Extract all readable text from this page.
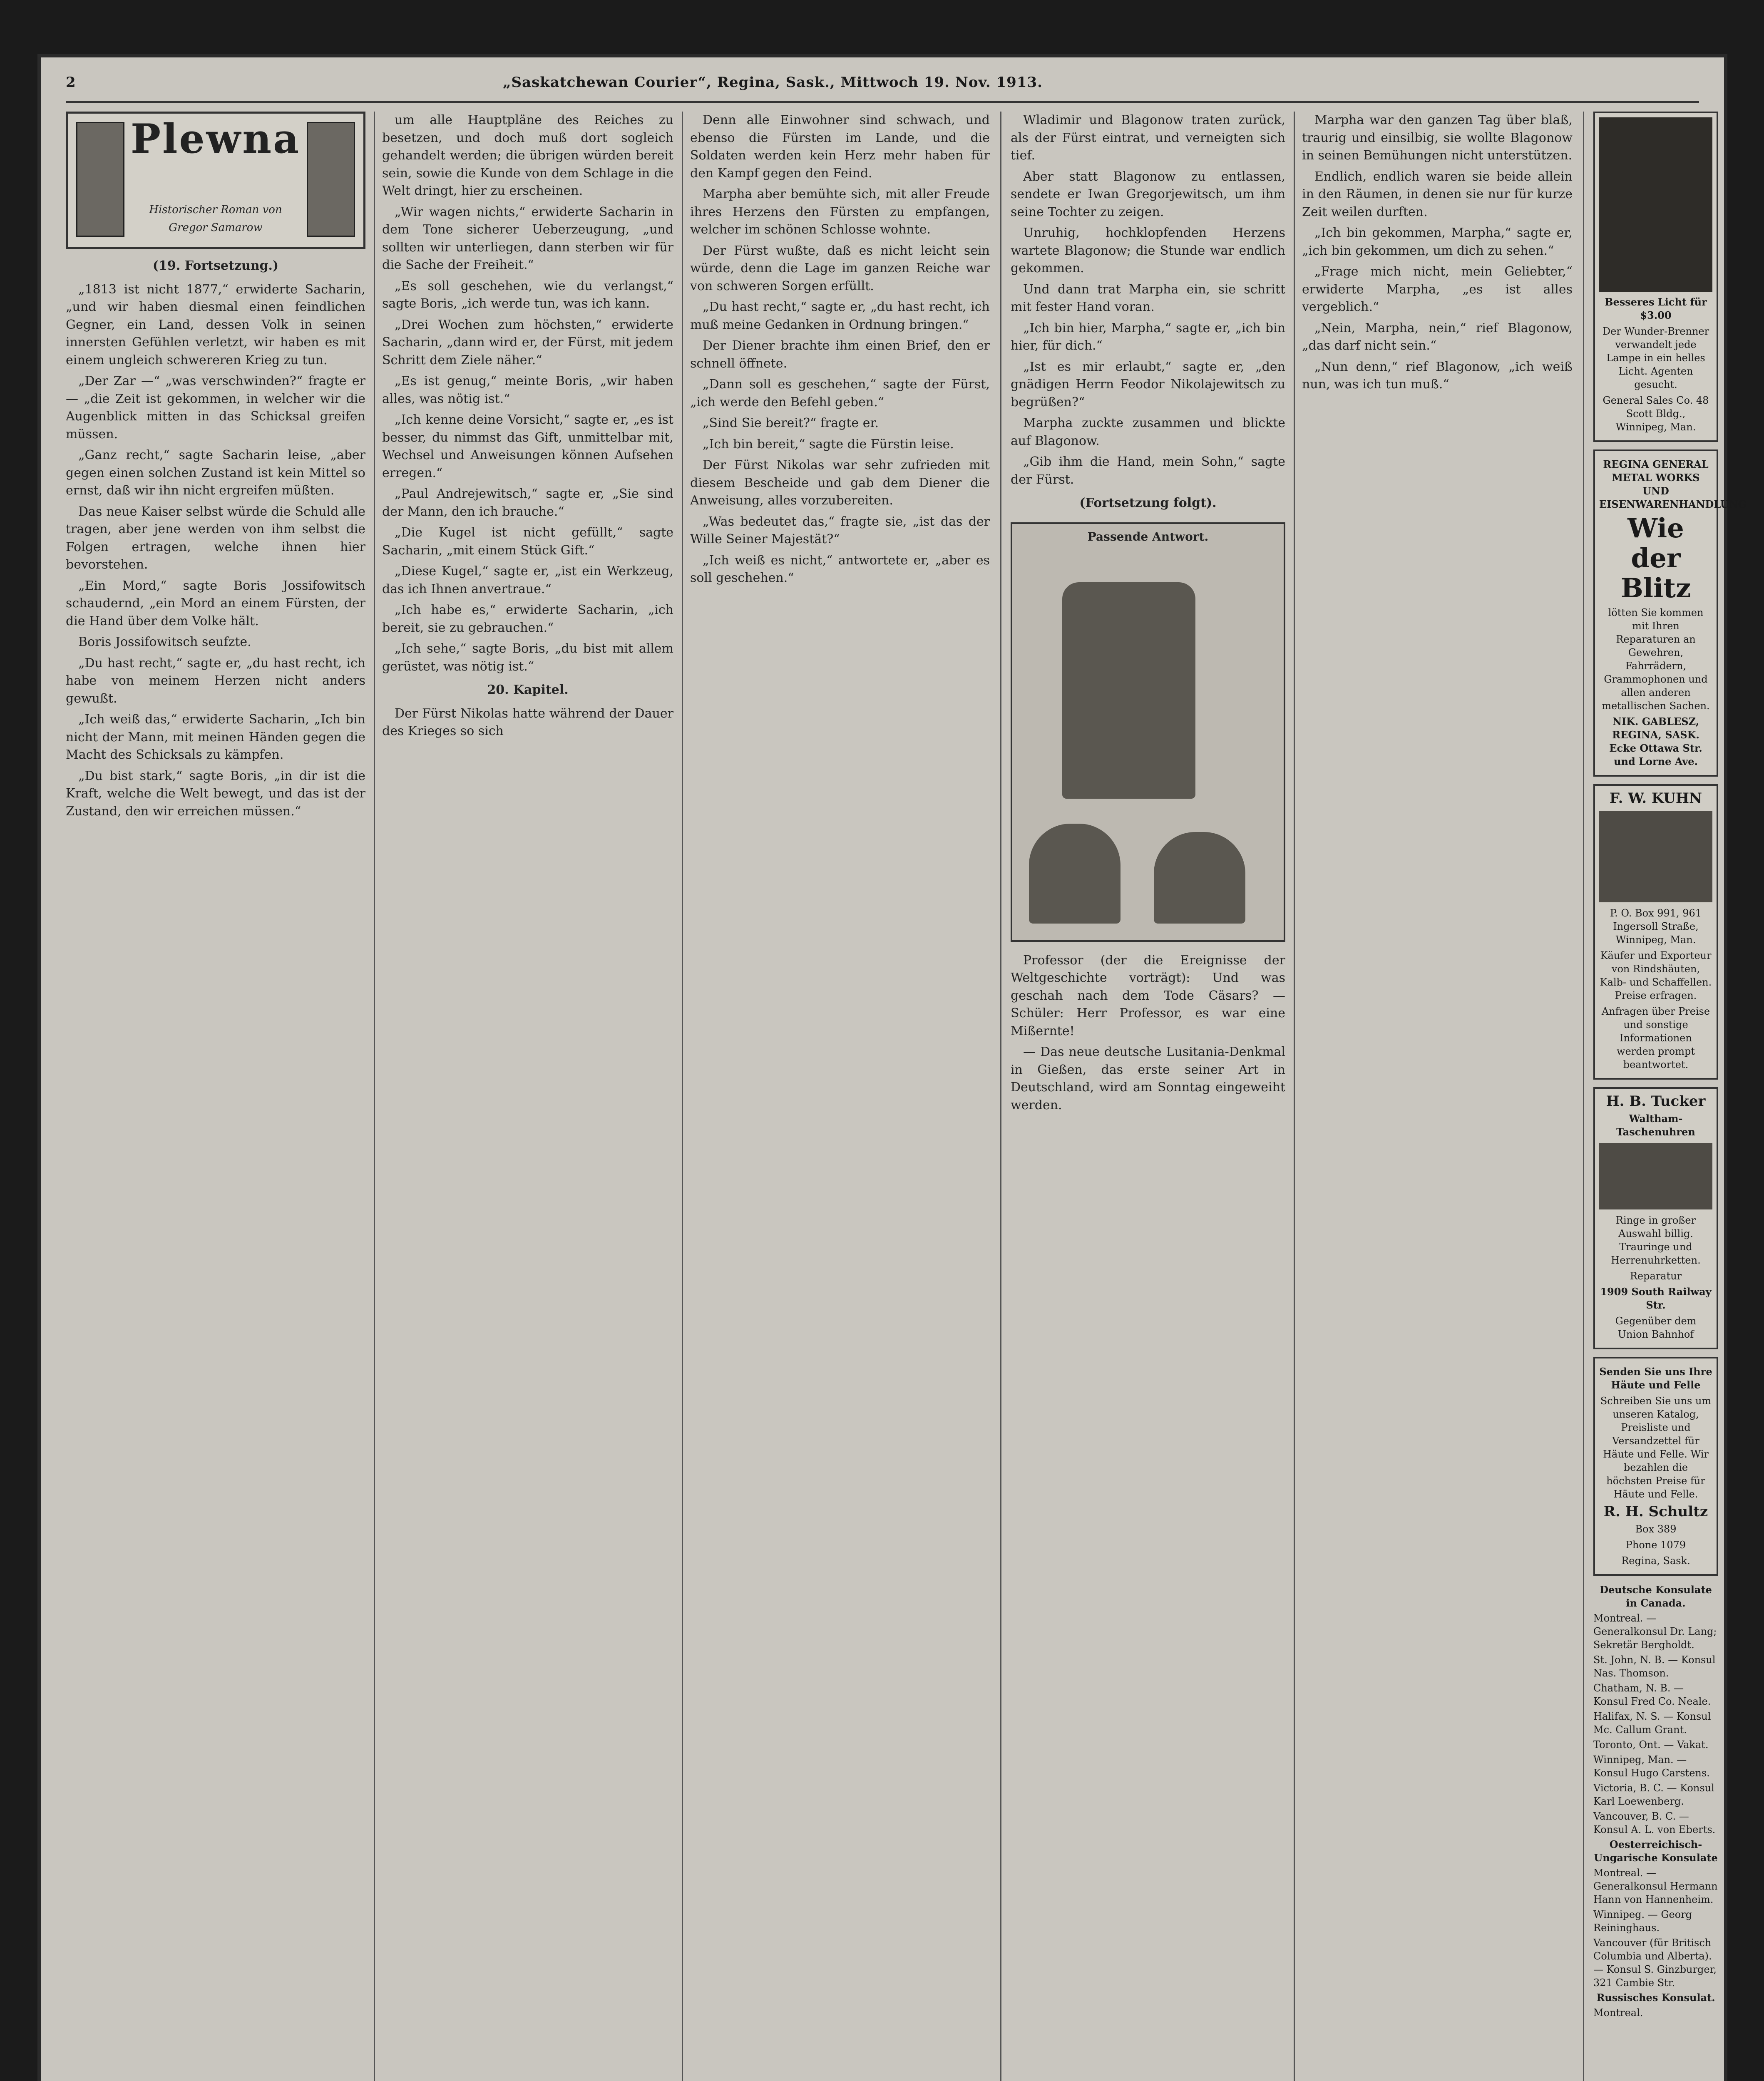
2	„Saskatchewan Courier“, Regina, Sask., Mittwoch 19. Nov. 1913.
Plewna
Historischer Roman von Gregor Samarow
(19. Fortsetzung.)

„1813 ist nicht 1877,“ erwiderte Sacharin, „und wir haben diesmal einen feindlichen Gegner, ein Land, dessen Volk in seinen innersten Gefühlen verletzt, wir haben es mit einem ungleich schwereren Krieg zu tun.

„Der Zar —“ „was verschwinden?“ fragte er — „die Zeit ist gekommen, in welcher wir die Augenblick mitten in das Schicksal greifen müssen.

„Ganz recht,“ sagte Sacharin leise, „aber gegen einen solchen Zustand ist kein Mittel so ernst, daß wir ihn nicht ergreifen müßten.

Das neue Kaiser selbst würde die Schuld alle tragen, aber jene werden von ihm selbst die Folgen ertragen, welche ihnen hier bevorstehen.

„Ein Mord,“ sagte Boris Jossifowitsch schaudernd, „ein Mord an einem Fürsten, der die Hand über dem Volke hält.

Boris Jossifowitsch seufzte.

„Du hast recht,“ sagte er, „du hast recht, ich habe von meinem Herzen nicht anders gewußt.

„Ich weiß das,“ erwiderte Sacharin, „Ich bin nicht der Mann, mit meinen Händen gegen die Macht des Schicksals zu kämpfen.

„Du bist stark,“ sagte Boris, „in dir ist die Kraft, welche die Welt bewegt, und das ist der Zustand, den wir erreichen müssen.“

um alle Hauptpläne des Reiches zu besetzen, und doch muß dort sogleich gehandelt werden; die übrigen würden bereit sein, sowie die Kunde von dem Schlage in die Welt dringt, hier zu erscheinen.

„Wir wagen nichts,“ erwiderte Sacharin in dem Tone sicherer Ueberzeugung, „und sollten wir unterliegen, dann sterben wir für die Sache der Freiheit.“

„Es soll geschehen, wie du verlangst,“ sagte Boris, „ich werde tun, was ich kann.

„Drei Wochen zum höchsten,“ erwiderte Sacharin, „dann wird er, der Fürst, mit jedem Schritt dem Ziele näher.“

„Es ist genug,“ meinte Boris, „wir haben alles, was nötig ist.“

„Ich kenne deine Vorsicht,“ sagte er, „es ist besser, du nimmst das Gift, unmittelbar mit, Wechsel und Anweisungen können Aufsehen erregen.“

„Paul Andrejewitsch,“ sagte er, „Sie sind der Mann, den ich brauche.“

„Die Kugel ist nicht gefüllt,“ sagte Sacharin, „mit einem Stück Gift.“

„Diese Kugel,“ sagte er, „ist ein Werkzeug, das ich Ihnen anvertraue.“

„Ich habe es,“ erwiderte Sacharin, „ich bereit, sie zu gebrauchen.“

„Ich sehe,“ sagte Boris, „du bist mit allem gerüstet, was nötig ist.“

20. Kapitel.

Der Fürst Nikolas hatte während der Dauer des Krieges so sich

Denn alle Einwohner sind schwach, und ebenso die Fürsten im Lande, und die Soldaten werden kein Herz mehr haben für den Kampf gegen den Feind.

Marpha aber bemühte sich, mit aller Freude ihres Herzens den Fürsten zu empfangen, welcher im schönen Schlosse wohnte.

Der Fürst wußte, daß es nicht leicht sein würde, denn die Lage im ganzen Reiche war von schweren Sorgen erfüllt.

„Du hast recht,“ sagte er, „du hast recht, ich muß meine Gedanken in Ordnung bringen.“

Der Diener brachte ihm einen Brief, den er schnell öffnete.

„Dann soll es geschehen,“ sagte der Fürst, „ich werde den Befehl geben.“

„Sind Sie bereit?“ fragte er.

„Ich bin bereit,“ sagte die Fürstin leise.

Der Fürst Nikolas war sehr zufrieden mit diesem Bescheide und gab dem Diener die Anweisung, alles vorzubereiten.

„Was bedeutet das,“ fragte sie, „ist das der Wille Seiner Majestät?“

„Ich weiß es nicht,“ antwortete er, „aber es soll geschehen.“

Wladimir und Blagonow traten zurück, als der Fürst eintrat, und verneigten sich tief.

Aber statt Blagonow zu entlassen, sendete er Iwan Gregorjewitsch, um ihm seine Tochter zu zeigen.

Unruhig, hochklopfenden Herzens wartete Blagonow; die Stunde war endlich gekommen.

Und dann trat Marpha ein, sie schritt mit fester Hand voran.

„Ich bin hier, Marpha,“ sagte er, „ich bin hier, für dich.“

„Ist es mir erlaubt,“ sagte er, „den gnädigen Herrn Feodor Nikolajewitsch zu begrüßen?“

Marpha zuckte zusammen und blickte auf Blagonow.

„Gib ihm die Hand, mein Sohn,“ sagte der Fürst.

(Fortsetzung folgt).
Passende Antwort.

Professor (der die Ereignisse der Weltgeschichte vorträgt): Und was geschah nach dem Tode Cäsars? — Schüler: Herr Professor, es war eine Mißernte!

— Das neue deutsche Lusitania-Denkmal in Gießen, das erste seiner Art in Deutschland, wird am Sonntag eingeweiht werden.

Marpha war den ganzen Tag über blaß, traurig und einsilbig, sie wollte Blagonow in seinen Bemühungen nicht unterstützen.

Endlich, endlich waren sie beide allein in den Räumen, in denen sie nur für kurze Zeit weilen durften.

„Ich bin gekommen, Marpha,“ sagte er, „ich bin gekommen, um dich zu sehen.“

„Frage mich nicht, mein Geliebter,“ erwiderte Marpha, „es ist alles vergeblich.“

„Nein, Marpha, nein,“ rief Blagonow, „das darf nicht sein.“

„Nun denn,“ rief Blagonow, „ich weiß nun, was ich tun muß.“

Besseres Licht für $3.00

Der Wunder-Brenner verwandelt jede Lampe in ein helles Licht. Agenten gesucht.

General Sales Co. 48 Scott Bldg., Winnipeg, Man.

REGINA GENERAL METAL WORKS UND EISENWARENHANDLUNG

Wie der Blitz

lötten Sie kommen mit Ihren Reparaturen an Gewehren, Fahrrädern, Grammophonen und allen anderen metallischen Sachen.

NIK. GABLESZ, REGINA, SASK. Ecke Ottawa Str. und Lorne Ave.

F. W. KUHN

P. O. Box 991, 961 Ingersoll Straße, Winnipeg, Man.

Käufer und Exporteur von Rindshäuten, Kalb- und Schaffellen. Preise erfragen.

Anfragen über Preise und sonstige Informationen werden prompt beantwortet.

H. B. Tucker

Waltham-Taschenuhren

Ringe in großer Auswahl billig. Trauringe und Herrenuhrketten.

Reparatur

1909 South Railway Str.

Gegenüber dem Union Bahnhof

Senden Sie uns Ihre Häute und Felle

Schreiben Sie uns um unseren Katalog, Preisliste und Versandzettel für Häute und Felle. Wir bezahlen die höchsten Preise für Häute und Felle.

R. H. Schultz

Box 389

Phone 1079

Regina, Sask.

Deutsche Konsulate in Canada.

Montreal. — Generalkonsul Dr. Lang; Sekretär Bergholdt.

St. John, N. B. — Konsul Nas. Thomson.

Chatham, N. B. — Konsul Fred Co. Neale.

Halifax, N. S. — Konsul Mc. Callum Grant.

Toronto, Ont. — Vakat.

Winnipeg, Man. — Konsul Hugo Carstens.

Victoria, B. C. — Konsul Karl Loewenberg.

Vancouver, B. C. — Konsul A. L. von Eberts.

Oesterreichisch-Ungarische Konsulate

Montreal. — Generalkonsul Hermann Hann von Hannenheim.

Winnipeg. — Georg Reininghaus.

Vancouver (für Britisch Columbia und Alberta). — Konsul S. Ginzburger, 321 Cambie Str.

Russisches Konsulat.

Montreal.
